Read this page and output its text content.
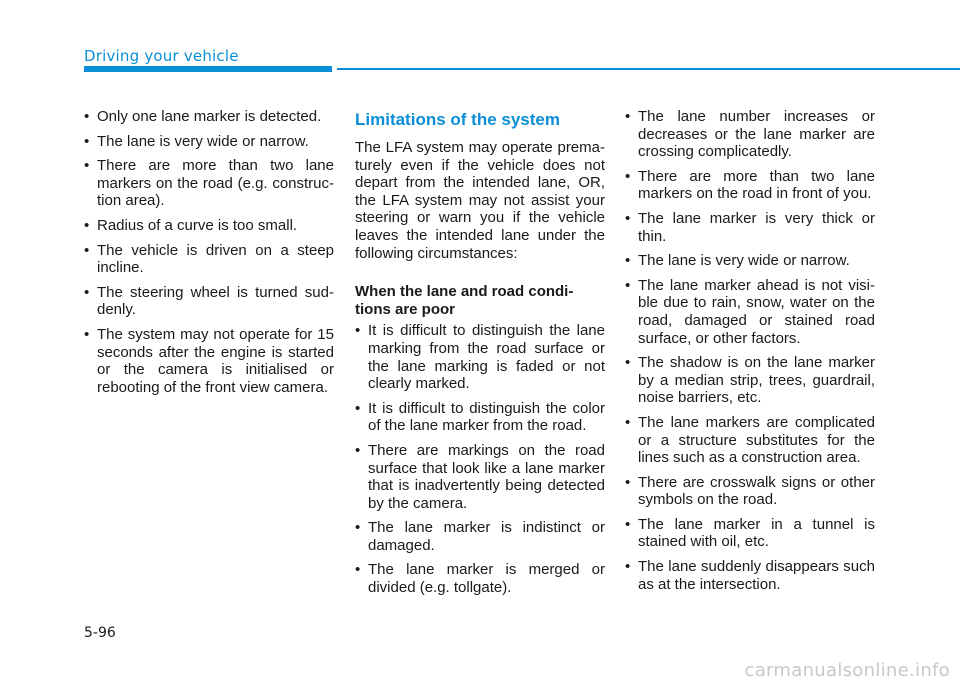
Driving your vehicle
• Only one lane marker is detected.
• The lane is very wide or narrow.
• There are more than two lane markers on the road (e.g. construc-tion area).
• Radius of a curve is too small.
• The vehicle is driven on a steep incline.
• The steering wheel is turned sud-denly.
• The system may not operate for 15 seconds after the engine is started or the camera is initialised or rebooting of the front view camera.
Limitations of the system

The LFA system may operate prema-turely even if the vehicle does not depart from the intended lane, OR, the LFA system may not assist your steering or warn you if the vehicle leaves the intended lane under the following circumstances:

When the lane and road condi-tions are poor

• It is difficult to distinguish the lane marking from the road surface or the lane marking is faded or not clearly marked.
• It is difficult to distinguish the color of the lane marker from the road.
• There are markings on the road surface that look like a lane marker that is inadvertently being detected by the camera.
• The lane marker is indistinct or damaged.
• The lane marker is merged or divided (e.g. tollgate).
• The lane number increases or decreases or the lane marker are crossing complicatedly.
• There are more than two lane markers on the road in front of you.
• The lane marker is very thick or thin.
• The lane is very wide or narrow.
• The lane marker ahead is not visi-ble due to rain, snow, water on the road, damaged or stained road surface, or other factors.
• The shadow is on the lane marker by a median strip, trees, guardrail, noise barriers, etc.
• The lane markers are complicated or a structure substitutes for the lines such as a construction area.
• There are crosswalk signs or other symbols on the road.
• The lane marker in a tunnel is stained with oil, etc.
• The lane suddenly disappears such as at the intersection.
5-96
carmanualsonline.info
